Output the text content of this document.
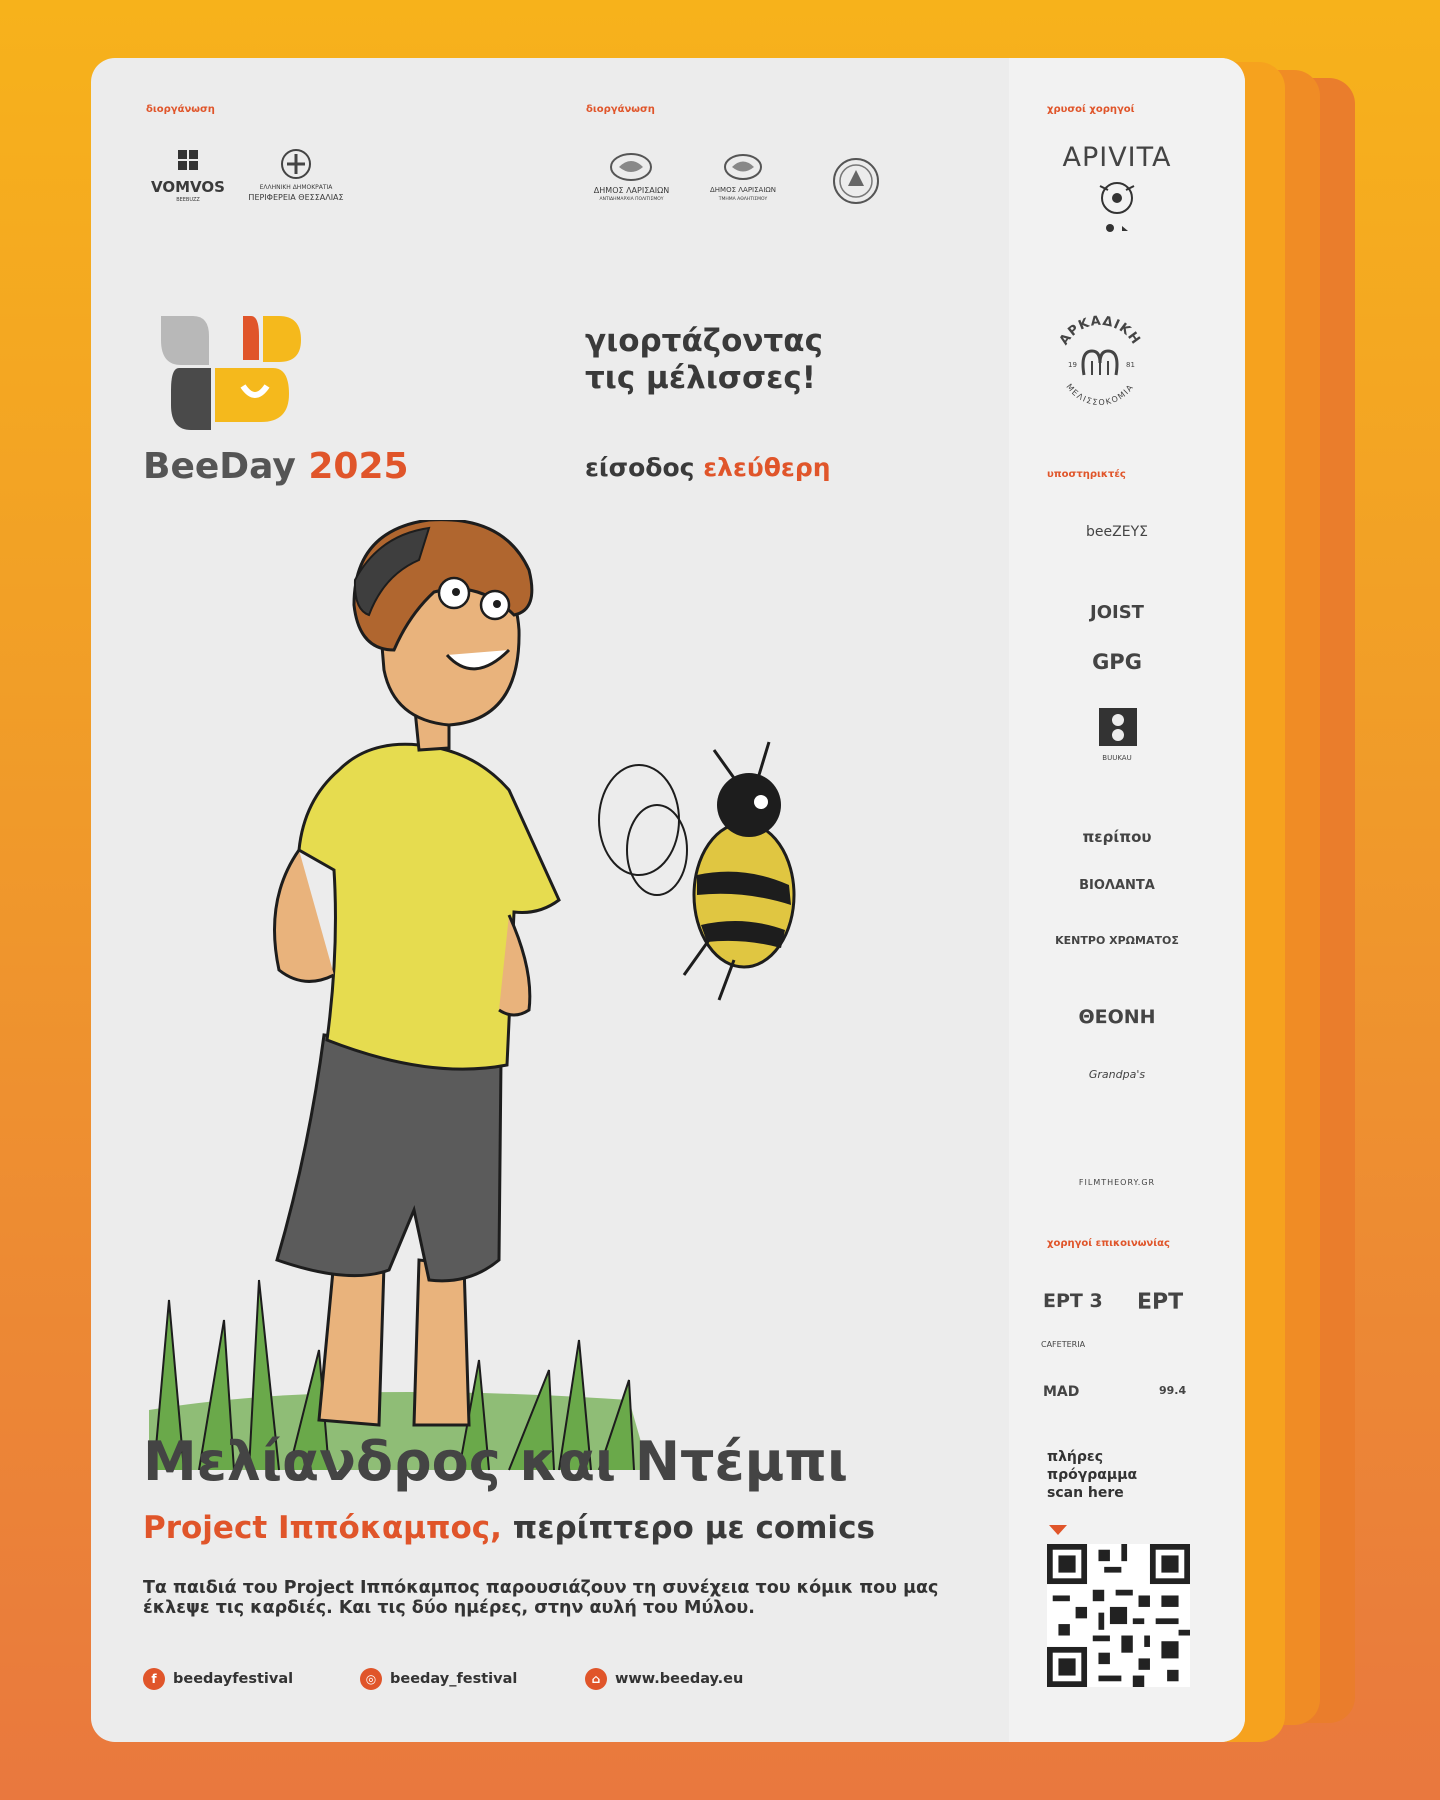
διοργάνωση	διοργάνωση	χρυσοί χορηγοί
VOMVOS
BEEBUZZ
ΕΛΛΗΝΙΚΗ ΔΗΜΟΚΡΑΤΙΑ
ΠΕΡΙΦΕΡΕΙΑ ΘΕΣΣΑΛΙΑΣ
ΔΗΜΟΣ ΛΑΡΙΣΑΙΩΝ
ΑΝΤΙΔΗΜΑΡΧΙΑ ΠΟΛΙΤΙΣΜΟΥ
ΔΗΜΟΣ ΛΑΡΙΣΑΙΩΝ
ΤΜΗΜΑ ΑΘΛΗΤΙΣΜΟΥ
APIVITA
ΑΡΚΑΔΙΚΗ
ΜΕΛΙΣΣΟΚΟΜΙΑ
19	81
BeeDay 2025
γιορτάζοντας
τις μέλισσες!
είσοδος ελεύθερη	υποστηρικτές
beeZEYΣ
JOIST
GPG
BUUKAU
περίπου
ΒΙΟΛΑΝΤΑ
ΚΕΝΤΡΟ ΧΡΩΜΑΤΟΣ
ΘΕΟΝΗ
Grandpa's
FILMTHEORY.GR
χορηγοί επικοινωνίας
ΕΡΤ 3	ΕΡΤ
CAFETERIA
MAD	99.4
πλήρες
πρόγραμμα
scan here
Μελίανδρος και Ντέμπι
Project Ιππόκαμπος, περίπτερο με comics
Τα παιδιά του Project Ιππόκαμπος παρουσιάζουν τη συνέχεια του κόμικ που μας έκλεψε τις καρδιές. Και τις δύο ημέρες, στην αυλή του Μύλου.
f	beedayfestival	◎ beeday_festival	⌂	www.beeday.eu
